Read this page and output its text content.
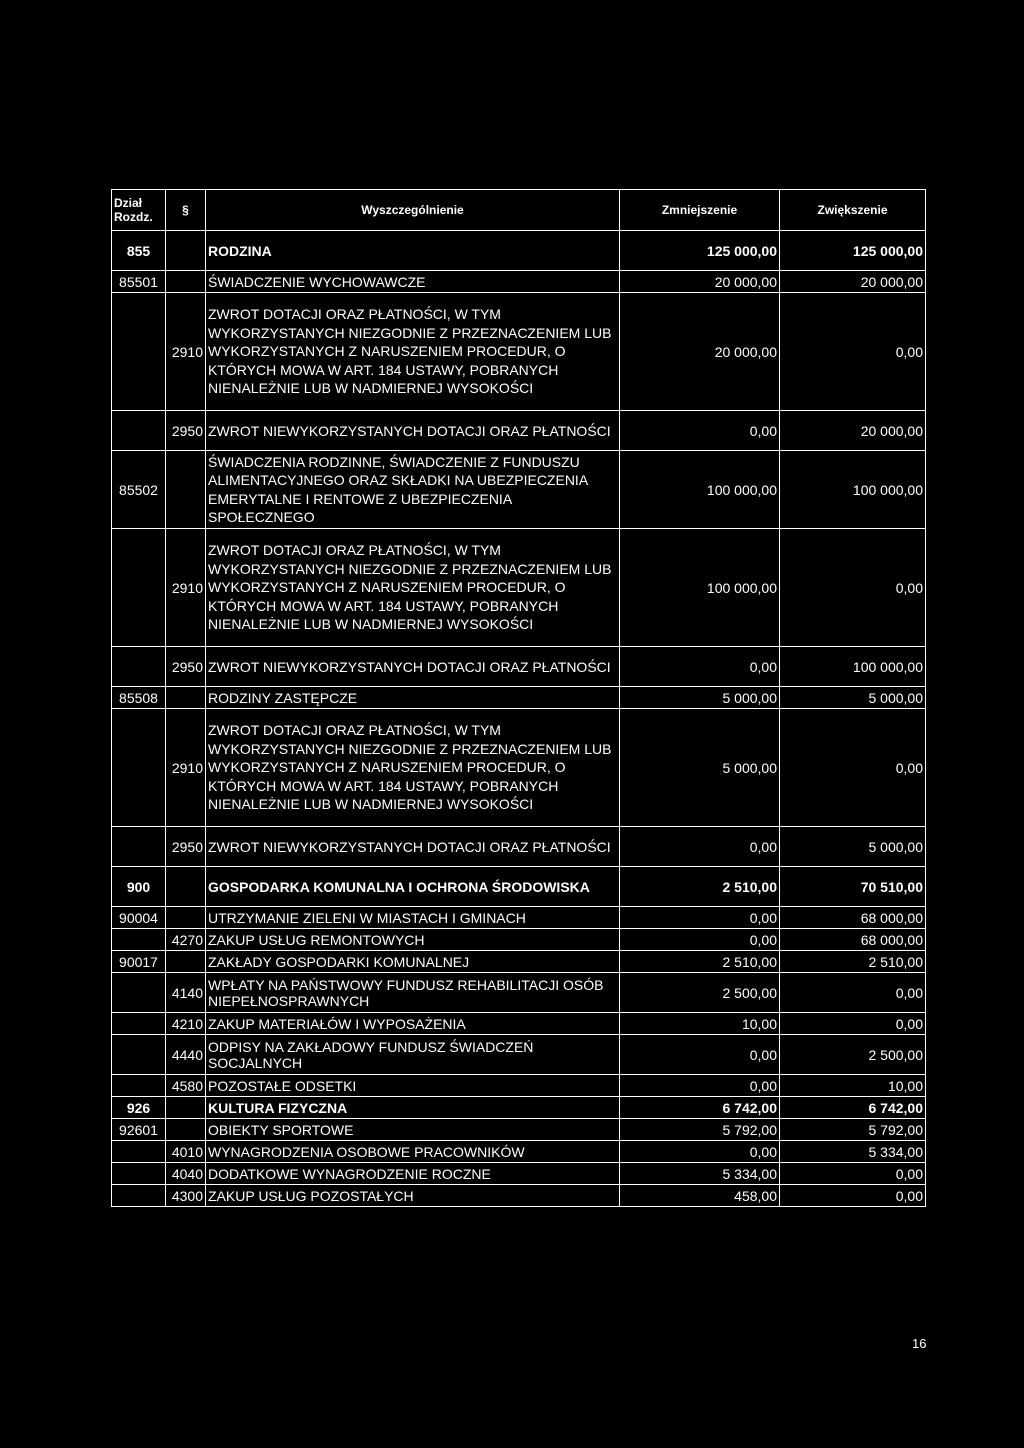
Dział
Rozdz.	§	Wyszczególnienie	Zmniejszenie	Zwiększenie
855		RODZINA	125 000,00	125 000,00
85501		ŚWIADCZENIE WYCHOWAWCZE	20 000,00	20 000,00
	2910	ZWROT DOTACJI ORAZ PŁATNOŚCI, W TYM WYKORZYSTANYCH NIEZGODNIE Z PRZEZNACZENIEM LUB WYKORZYSTANYCH Z NARUSZENIEM PROCEDUR, O KTÓRYCH MOWA W ART. 184 USTAWY, POBRANYCH NIENALEŻNIE LUB W NADMIERNEJ WYSOKOŚCI	20 000,00	0,00
	2950	ZWROT NIEWYKORZYSTANYCH DOTACJI ORAZ PŁATNOŚCI	0,00	20 000,00
85502		ŚWIADCZENIA RODZINNE, ŚWIADCZENIE Z FUNDUSZU ALIMENTACYJNEGO ORAZ SKŁADKI NA UBEZPIECZENIA EMERYTALNE I RENTOWE Z UBEZPIECZENIA SPOŁECZNEGO	100 000,00	100 000,00
	2910	ZWROT DOTACJI ORAZ PŁATNOŚCI, W TYM WYKORZYSTANYCH NIEZGODNIE Z PRZEZNACZENIEM LUB WYKORZYSTANYCH Z NARUSZENIEM PROCEDUR, O KTÓRYCH MOWA W ART. 184 USTAWY, POBRANYCH NIENALEŻNIE LUB W NADMIERNEJ WYSOKOŚCI	100 000,00	0,00
	2950	ZWROT NIEWYKORZYSTANYCH DOTACJI ORAZ PŁATNOŚCI	0,00	100 000,00
85508		RODZINY ZASTĘPCZE	5 000,00	5 000,00
	2910	ZWROT DOTACJI ORAZ PŁATNOŚCI, W TYM WYKORZYSTANYCH NIEZGODNIE Z PRZEZNACZENIEM LUB WYKORZYSTANYCH Z NARUSZENIEM PROCEDUR, O KTÓRYCH MOWA W ART. 184 USTAWY, POBRANYCH NIENALEŻNIE LUB W NADMIERNEJ WYSOKOŚCI	5 000,00	0,00
	2950	ZWROT NIEWYKORZYSTANYCH DOTACJI ORAZ PŁATNOŚCI	0,00	5 000,00
900		GOSPODARKA KOMUNALNA I OCHRONA ŚRODOWISKA	2 510,00	70 510,00
90004		UTRZYMANIE ZIELENI W MIASTACH I GMINACH	0,00	68 000,00
	4270	ZAKUP USŁUG REMONTOWYCH	0,00	68 000,00
90017		ZAKŁADY GOSPODARKI KOMUNALNEJ	2 510,00	2 510,00
	4140	WPŁATY NA PAŃSTWOWY FUNDUSZ REHABILITACJI OSÓB NIEPEŁNOSPRAWNYCH	2 500,00	0,00
	4210	ZAKUP MATERIAŁÓW I WYPOSAŻENIA	10,00	0,00
	4440	ODPISY NA ZAKŁADOWY FUNDUSZ ŚWIADCZEŃ SOCJALNYCH	0,00	2 500,00
	4580	POZOSTAŁE ODSETKI	0,00	10,00
926		KULTURA FIZYCZNA	6 742,00	6 742,00
92601		OBIEKTY SPORTOWE	5 792,00	5 792,00
	4010	WYNAGRODZENIA OSOBOWE PRACOWNIKÓW	0,00	5 334,00
	4040	DODATKOWE WYNAGRODZENIE ROCZNE	5 334,00	0,00
	4300	ZAKUP USŁUG POZOSTAŁYCH	458,00	0,00
16
